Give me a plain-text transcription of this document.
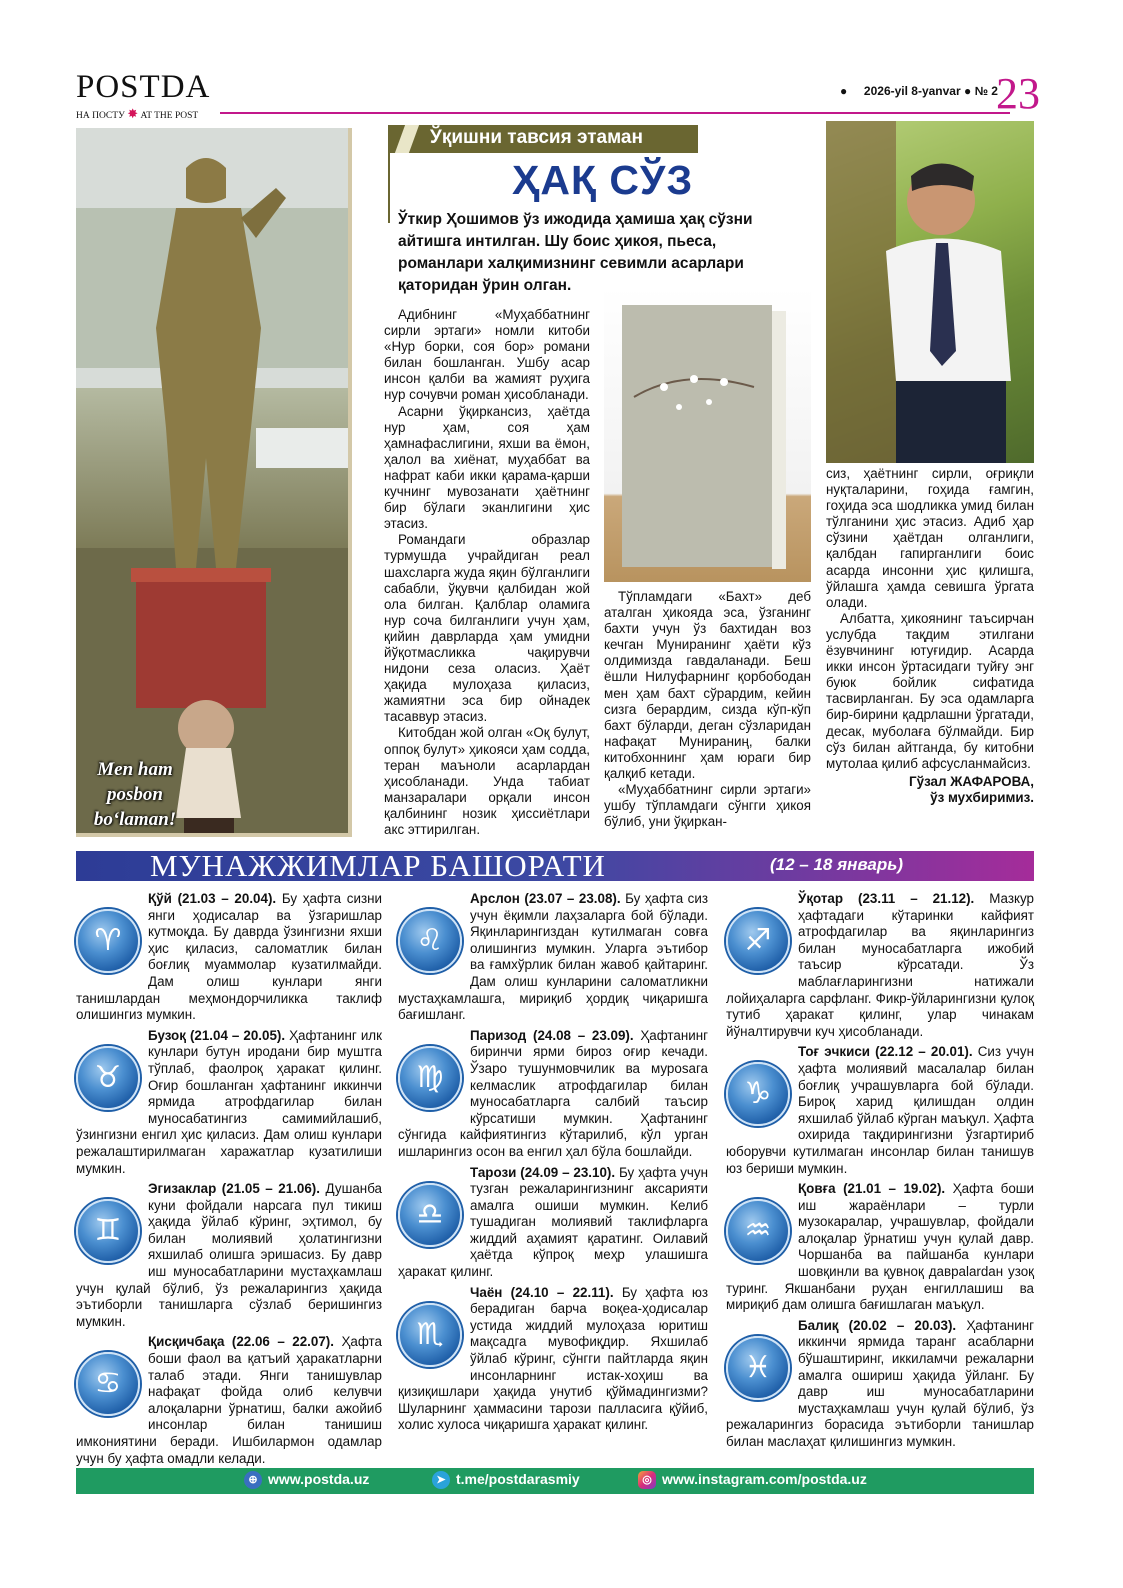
POSTDA
НА ПОСТУ ✸ AT THE POST
● 2026-yil 8-yanvar ● № 2
23
Men ham posbon bo‘laman!
Ўқишни тавсия этаман
ҲАҚ СЎЗ
Ўткир Ҳошимов ўз ижодида ҳамиша ҳақ сўзни айтишга интилган. Шу боис ҳикоя, пьеса, романлари халқимизнинг севимли асарлари қаторидан ўрин олган.

Адибнинг «Муҳаббатнинг сирли эртаги» номли китоби «Нур борки, соя бор» романи билан бошланган. Ушбу асар инсон қалби ва жамият руҳига нур сочувчи роман ҳисобланади.

Асарни ўқиркансиз, ҳаётда нур ҳам, соя ҳам ҳамнафаслигини, яхши ва ёмон, ҳалол ва хиёнат, муҳаббат ва нафрат каби икки қарама-қарши кучнинг мувозанати ҳаётнинг бир бўлаги эканлигини ҳис этасиз.

Романдаги образлар турмушда учрайдиган реал шахсларга жуда яқин бўлганлиги сабабли, ўқувчи қалбидан жой ола билган. Қалблар оламига нур соча билганлиги учун ҳам, қийин даврларда ҳам умидни йўқотмасликка чақирувчи нидони сеза оласиз. Ҳаёт ҳақида мулоҳаза қиласиз, жамиятни эса бир ойнадек тасаввур этасиз.

Китобдан жой олган «Оқ булут, оппоқ булут» ҳикояси ҳам содда, теран маъноли асарлардан ҳисобланади. Унда табиат манзаралари орқали инсон қалбининг нозик ҳиссиётлари акс эттирилган.

Тўпламдаги «Бахт» деб аталган ҳикояда эса, ўзганинг бахти учун ўз бахтидан воз кечган Мунирaнинг ҳаёти кўз олдимизда гавдаланади. Беш ёшли Нилуфарнинг қорбободан мен ҳам бахт сўрардим, кейин сизга берардим, сизда кўп-кўп бахт бўларди, деган сўзларидан нафақат Мунираниң, балки китобхоннинг ҳам юраги бир қалқиб кетади.

«Муҳаббатнинг сирли эртаги» ушбу тўпламдаги сўнгги ҳикоя бўлиб, уни ўқиркан-

сиз, ҳаётнинг сирли, оғриқли нуқталарини, гоҳида ғамгин, гоҳида эса шодликка умид билан тўлганини ҳис этасиз. Адиб ҳар сўзини ҳаётдан олганлиги, қалбдан гапирганлиги боис асарда инсонни ҳис қилишга, ўйлашга ҳамда севишга ўргата олади.

Албатта, ҳикоянинг таъсирчан услубда тақдим этилгани ёзувчининг ютуғидир. Асарда икки инсон ўртасидаги туйғу энг буюк бойлик сифатида тасвирланган. Бу эса одамларга бир-бирини қадрлашни ўргатади, десак, муболаға бўлмайди. Бир сўз билан айтганда, бу китобни мутолаа қилиб афсусланмайсиз.

Гўзал ЖАФАРОВА,
ўз мухбиримиз.
МУНАЖЖИМЛАР БАШОРАТИ	(12 – 18 январь)
♈
Қўй (21.03 – 20.04). Бу ҳафта сизни янги ҳодисалар ва ўзгаришлар кутмоқда. Бу даврда ўзингизни яхши ҳис қиласиз, саломатлик билан боғлиқ муаммолар кузатилмайди. Дам олиш кунлари янги танишлардан меҳмондорчиликка таклиф олишингиз мумкин.
♉
Бузоқ (21.04 – 20.05). Ҳафтанинг илк кунлари бутун иродани бир муштга тўплаб, фаолроқ ҳаракат қилинг. Оғир бошланган ҳафтанинг иккинчи ярмида атрофдагилар билан муносабатингиз самимийлашиб, ўзингизни енгил ҳис қиласиз. Дам олиш кунлари режалаштирилмаган харажатлар кузатилиши мумкин.
♊
Эгизаклар (21.05 – 21.06). Душанба куни фойдали нарсага пул тикиш ҳақида ўйлаб кўринг, эҳтимол, бу билан молиявий ҳолатингизни яхшилаб олишга эришасиз. Бу давр иш муносабатларини мустаҳкамлаш учун қулай бўлиб, ўз режаларингиз ҳақида эътиборли танишларга сўзлаб беришингиз мумкин.
♋
Қисқичбақа (22.06 – 22.07). Ҳафта боши фаол ва қатъий ҳаракатларни талаб этади. Янги танишувлар нафақат фойда олиб келувчи алоқаларни ўрнатиш, балки ажойиб инсонлар билан танишиш имкониятини беради. Ишбилармон одамлар учун бу ҳафта омадли келади.
♌
Арслон (23.07 – 23.08). Бу ҳафта сиз учун ёқимли лаҳзаларга бой бўлади. Яқинларингиздан кутилмаган совға олишингиз мумкин. Уларга эътибор ва ғамхўрлик билан жавоб қайтаринг. Дам олиш кунларини саломатликни мустаҳкамлашга, мириқиб ҳордиқ чиқаришга бағишланг.
♍
Паризод (24.08 – 23.09). Ҳафтанинг биринчи ярми бироз оғир кечади. Ўзаро тушунмовчилик ва мурosaга келмаслик атрофдагилар билан муносабатларга салбий таъсир кўрсатиши мумкин. Ҳафтанинг сўнгида кайфиятингиз кўтарилиб, кўл урган ишларингиз осон ва енгил ҳал бўла бошлайди.
♎
Тарози (24.09 – 23.10). Бу ҳафта учун тузган режаларингизнинг аксарияти амалга ошиши мумкин. Келиб тушадиган молиявий таклифларга жиддий аҳамият қаратинг. Оилавий ҳаётда кўпроқ меҳр улашишга ҳаракат қилинг.
♏
Чаён (24.10 – 22.11). Бу ҳафта юз берадиган барча воқеа-ҳодисалар устида жиддий мулоҳаза юритиш мақсадга мувофиқдир. Яхшилаб ўйлаб кўринг, сўнгги пайтларда яқин инсонларнинг истак-хоҳиш ва қизиқишлари ҳақида унутиб қўймадингизми? Шуларнинг ҳаммасини тарози палласига қўйиб, холис хулоса чиқаришга ҳаракат қилинг.
♐
Ўқотар (23.11 – 21.12). Мазкур ҳафтадаги кўтаринки кайфият атрофдагилар ва яқинларингиз билан муносабатларга ижобий таъсир кўрсатади. Ўз маблағларингизни натижали лойиҳаларга сарфланг. Фикр-ўйларингизни қулоқ тутиб ҳаракат қилинг, улар чинакам йўналтирувчи куч ҳисобланади.
♑
Тоғ эчкиси (22.12 – 20.01). Сиз учун ҳафта молиявий масалалар билан боғлиқ учрашувларга бой бўлади. Бироқ харид қилишдан олдин яхшилаб ўйлаб кўрган маъқул. Ҳафта охирида тақдирингизни ўзгартириб юборувчи кутилмаган инсонлар билан танишув юз бериши мумкин.
♒
Қовға (21.01 – 19.02). Ҳафта боши иш жараёнлари – турли музокаралар, учрашувлар, фойдали алоқалар ўрнатиш учун қулай давр. Чоршанба ва пайшанба кунлари шовқинли ва қувноқ даврalardан узоқ туринг. Якшанбани руҳан енгиллашиш ва мириқиб дам олишга бағишлаган маъқул.
♓
Балиқ (20.02 – 20.03). Ҳафтанинг иккинчи ярмида таранг асабларни бўшаштиринг, иккиламчи режаларни амалга ошириш ҳақида ўйланг. Бу давр иш муносабатларини мустаҳкамлаш учун қулай бўлиб, ўз режаларингиз борасида эътиборли танишлар билан маслаҳат қилишингиз мумкин.
⊕ www.postda.uz	➤ t.me/postdarasmiy	◎ www.instagram.com/postda.uz
